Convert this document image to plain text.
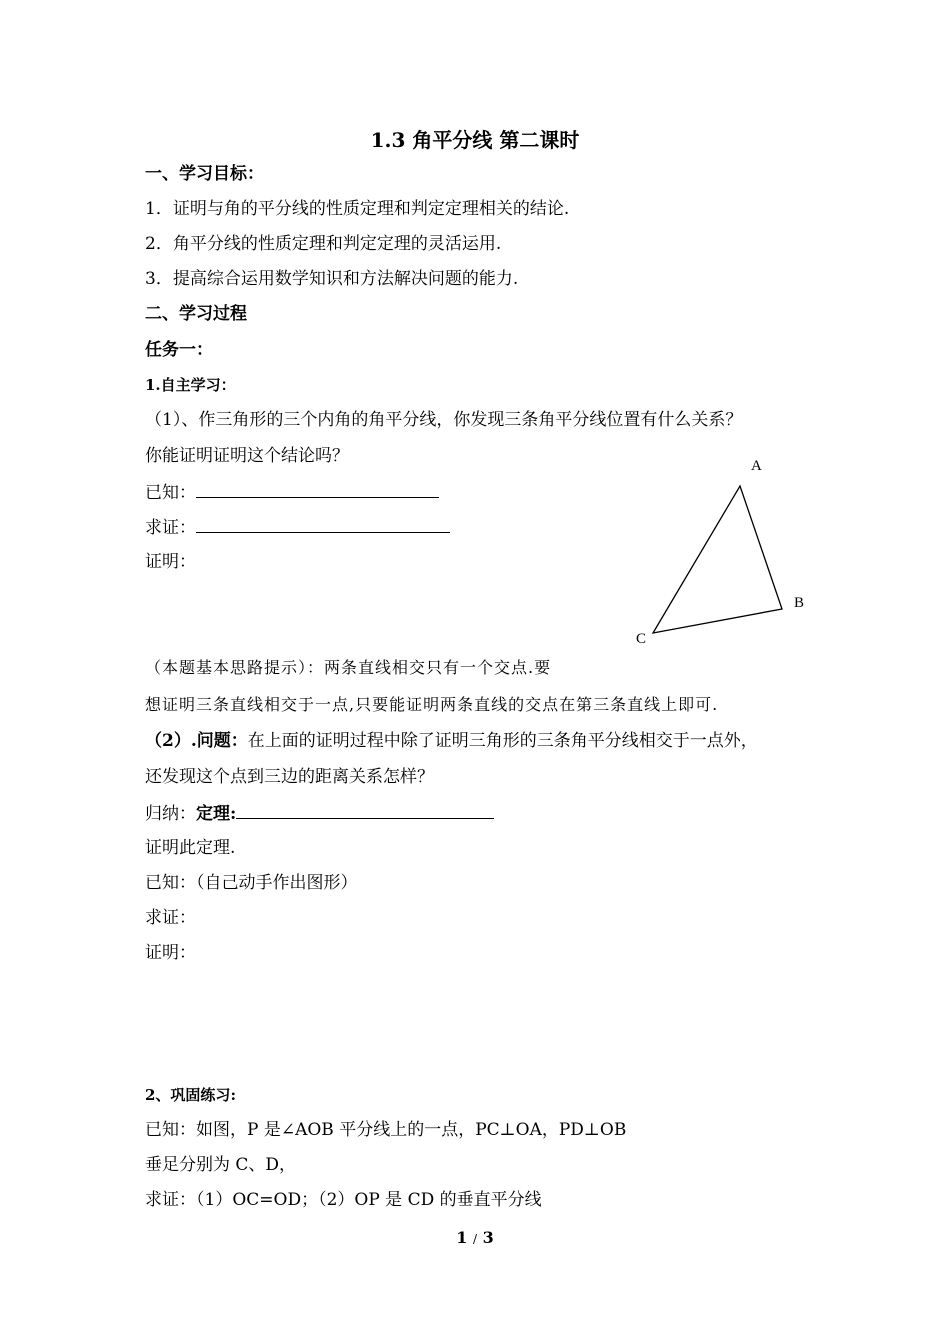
1.3 角平分线 第二课时
一、学习目标：
1．证明与角的平分线的性质定理和判定定理相关的结论.
2．角平分线的性质定理和判定定理的灵活运用.
3．提高综合运用数学知识和方法解决问题的能力.
二、学习过程
任务一：
1.自主学习：
（1）、作三角形的三个内角的角平分线，你发现三条角平分线位置有什么关系？
你能证明证明这个结论吗？
已知：
求证：
证明：
A
B
C
（本题基本思路提示）：两条直线相交只有一个交点.要
想证明三条直线相交于一点,只要能证明两条直线的交点在第三条直线上即可.
（2）.问题：在上面的证明过程中除了证明三角形的三条角平分线相交于一点外，
还发现这个点到三边的距离关系怎样？
归纳：定理:
证明此定理.
已知：（自己动手作出图形）
求证：
证明：
2、巩固练习:
已知：如图，P 是∠AOB 平分线上的一点，PC⊥OA，PD⊥OB
垂足分别为 C、D，
求证：（1）OC=OD；（2）OP 是 CD 的垂直平分线
1 / 3
